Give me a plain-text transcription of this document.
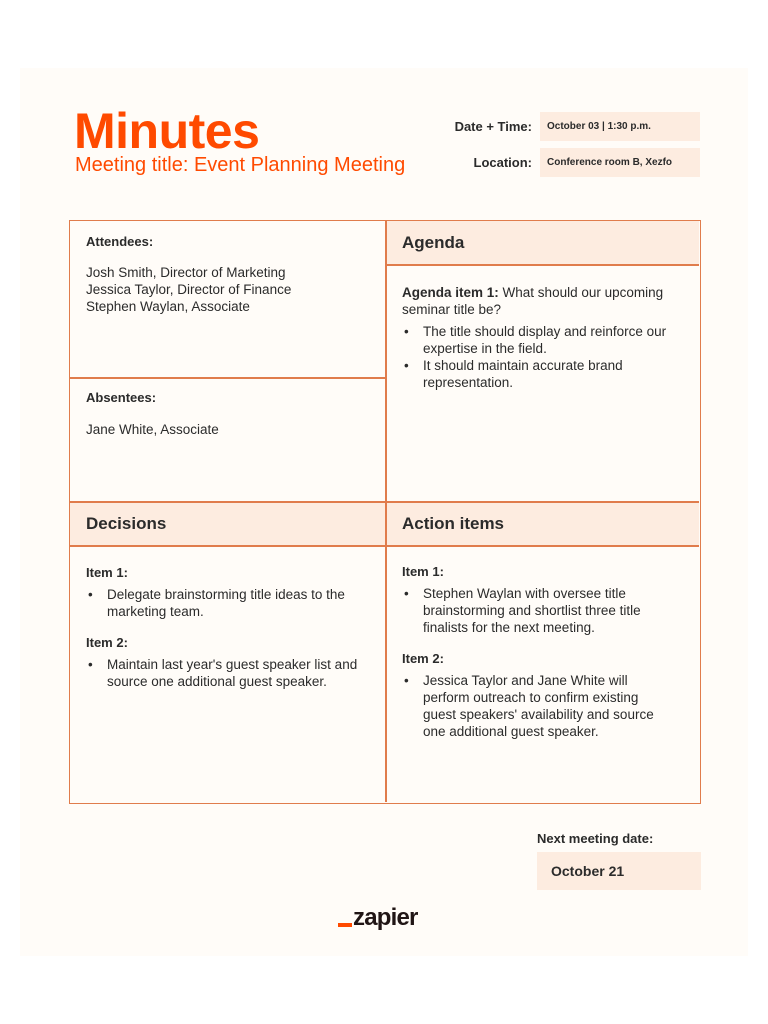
Minutes
Meeting title: Event Planning Meeting
Date + Time:	October 03 | 1:30 p.m.
Location:	Conference room B, Xezfo
Agenda
Decisions	Action items
Attendees:
Josh Smith, Director of Marketing
Jessica Taylor, Director of Finance
Stephen Waylan, Associate
Absentees:
Jane White, Associate
Agenda item 1: What should our upcoming seminar title be?
• The title should display and reinforce our expertise in the field.
• It should maintain accurate brand representation.
Item 1:
• Delegate brainstorming title ideas to the marketing team.
Item 2:
• Maintain last year's guest speaker list and source one additional guest speaker.
Item 1:
• Stephen Waylan with oversee title brainstorming and shortlist three title finalists for the next meeting.
Item 2:
• Jessica Taylor and Jane White will perform outreach to confirm existing guest speakers' availability and source one additional guest speaker.
Next meeting date:
October 21
zapier
